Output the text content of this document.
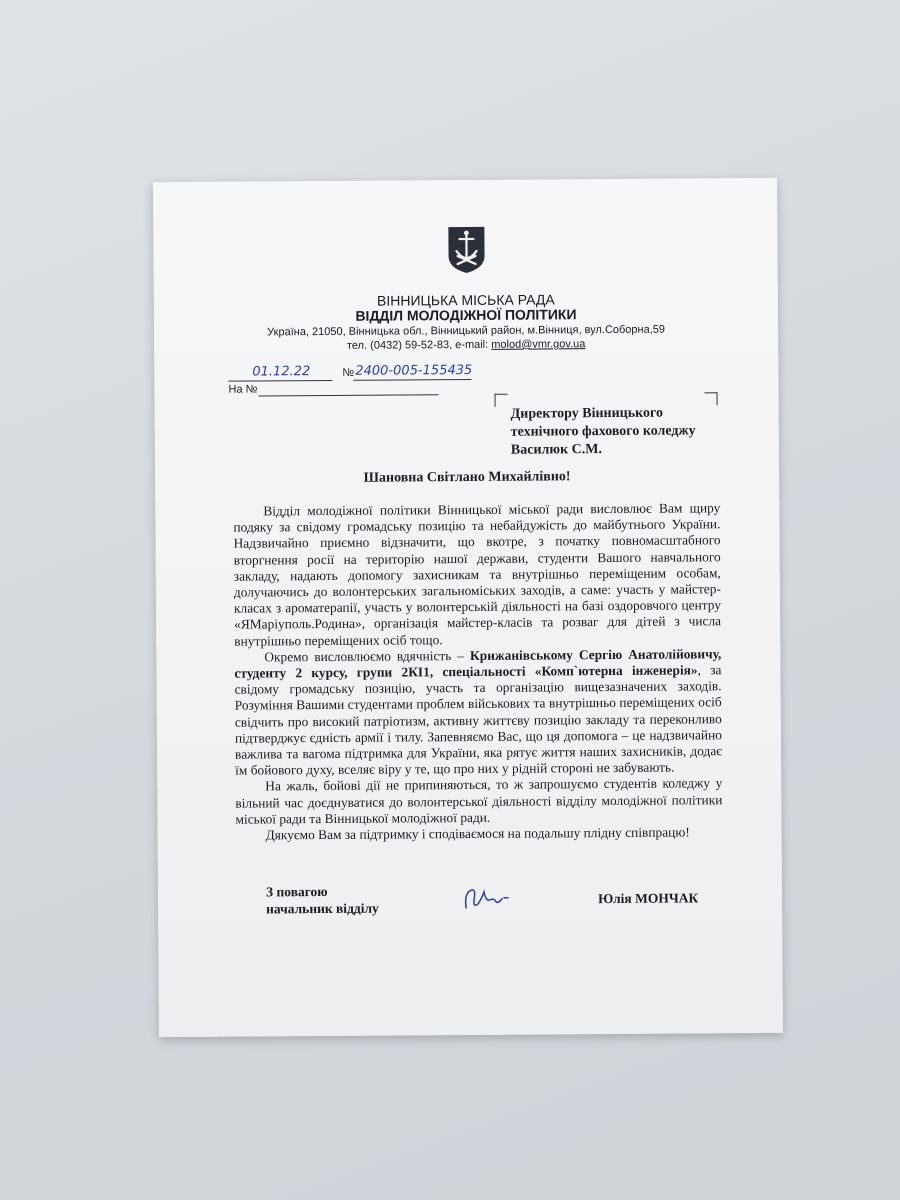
ВІННИЦЬКА МІСЬКА РАДА
ВІДДІЛ МОЛОДІЖНОЇ ПОЛІТИКИ
Україна, 21050, Вінницька обл., Вінницький район, м.Вінниця, вул.Соборна,59
тел. (0432) 59-52-83, e-mail: molod@vmr.gov.ua
01.12.22	№ 2400-005-155435
На №
Директору Вінницького
технічного фахового коледжу
Василюк С.М.
Шановна Світлано Михайлівно!

Відділ молодіжної політики Вінницької міської ради висловлює Вам щиру подяку за свідому громадську позицію та небайдужість до майбутнього України. Надзвичайно приємно відзначити, що вкотре, з початку повномасштабного вторгнення росії на територію нашої держави, студенти Вашого навчального закладу, надають допомогу захисникам та внутрішньо переміщеним особам, долучаючись до волонтерських загальноміських заходів, а саме: участь у майстер-класах з ароматерапії, участь у волонтерській діяльності на базі оздоровчого центру «ЯМаріуполь.Родина», організація майстер-класів та розваг для дітей з числа внутрішньо переміщених осіб тощо.

Окремо висловлюємо вдячність – Крижанівському Сергію Анатолійовичу, студенту 2 курсу, групи 2КІ1, спеціальності «Комп`ютерна інженерія», за свідому громадську позицію, участь та організацію вищезазначених заходів. Розуміння Вашими студентами проблем військових та внутрішньо переміщених осіб свідчить про високий патріотизм, активну життєву позицію закладу та переконливо підтверджує єдність армії і тилу. Запевняємо Вас, що ця допомога – це надзвичайно важлива та вагома підтримка для України, яка рятує життя наших захисників, додає їм бойового духу, вселяє віру у те, що про них у рідній стороні не забувають.

На жаль, бойові дії не припиняються, то ж запрошуємо студентів коледжу у вільний час доєднуватися до волонтерської діяльності відділу молодіжної політики міської ради та Вінницької молодіжної ради.

Дякуємо Вам за підтримку і сподіваємося на подальшу плідну співпрацю!

З повагою
начальник відділу
Юлія МОНЧАК
